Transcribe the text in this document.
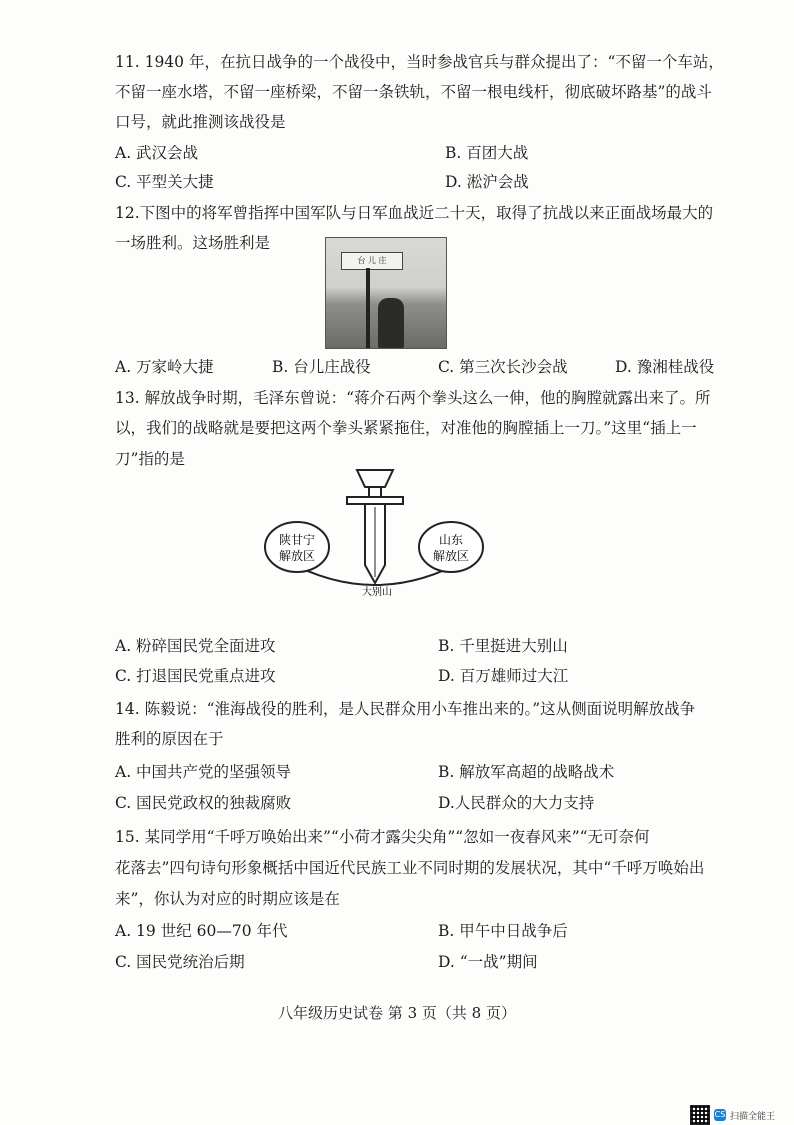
11. 1940 年，在抗日战争的一个战役中，当时参战官兵与群众提出了：“不留一个车站，
不留一座水塔，不留一座桥梁，不留一条铁轨，不留一根电线杆，彻底破坏路基”的战斗
口号，就此推测该战役是
A. 武汉会战	B. 百团大战
C. 平型关大捷	D. 淞沪会战
12.下图中的将军曾指挥中国军队与日军血战近二十天，取得了抗战以来正面战场最大的
一场胜利。这场胜利是
台 儿 庄
A. 万家岭大捷	B. 台儿庄战役	C. 第三次长沙会战	D. 豫湘桂战役
13. 解放战争时期，毛泽东曾说：“蒋介石两个拳头这么一伸，他的胸膛就露出来了。所
以，我们的战略就是要把这两个拳头紧紧拖住，对准他的胸膛插上一刀。”这里“插上一
刀”指的是
陕甘宁
解放区
山东
解放区
大别山
A. 粉碎国民党全面进攻	B. 千里挺进大别山
C. 打退国民党重点进攻	D. 百万雄师过大江
14. 陈毅说：“淮海战役的胜利，是人民群众用小车推出来的。”这从侧面说明解放战争
胜利的原因在于
A. 中国共产党的坚强领导	B. 解放军高超的战略战术
C. 国民党政权的独裁腐败	D.人民群众的大力支持
15. 某同学用“千呼万唤始出来”“小荷才露尖尖角”“忽如一夜春风来”“无可奈何
花落去”四句诗句形象概括中国近代民族工业不同时期的发展状况，其中“千呼万唤始出
来”，你认为对应的时期应该是在
A. 19 世纪 60—70 年代	B. 甲午中日战争后
C. 国民党统治后期	D. “一战”期间
八年级历史试卷 第 3 页（共 8 页）
CS 扫描全能王
